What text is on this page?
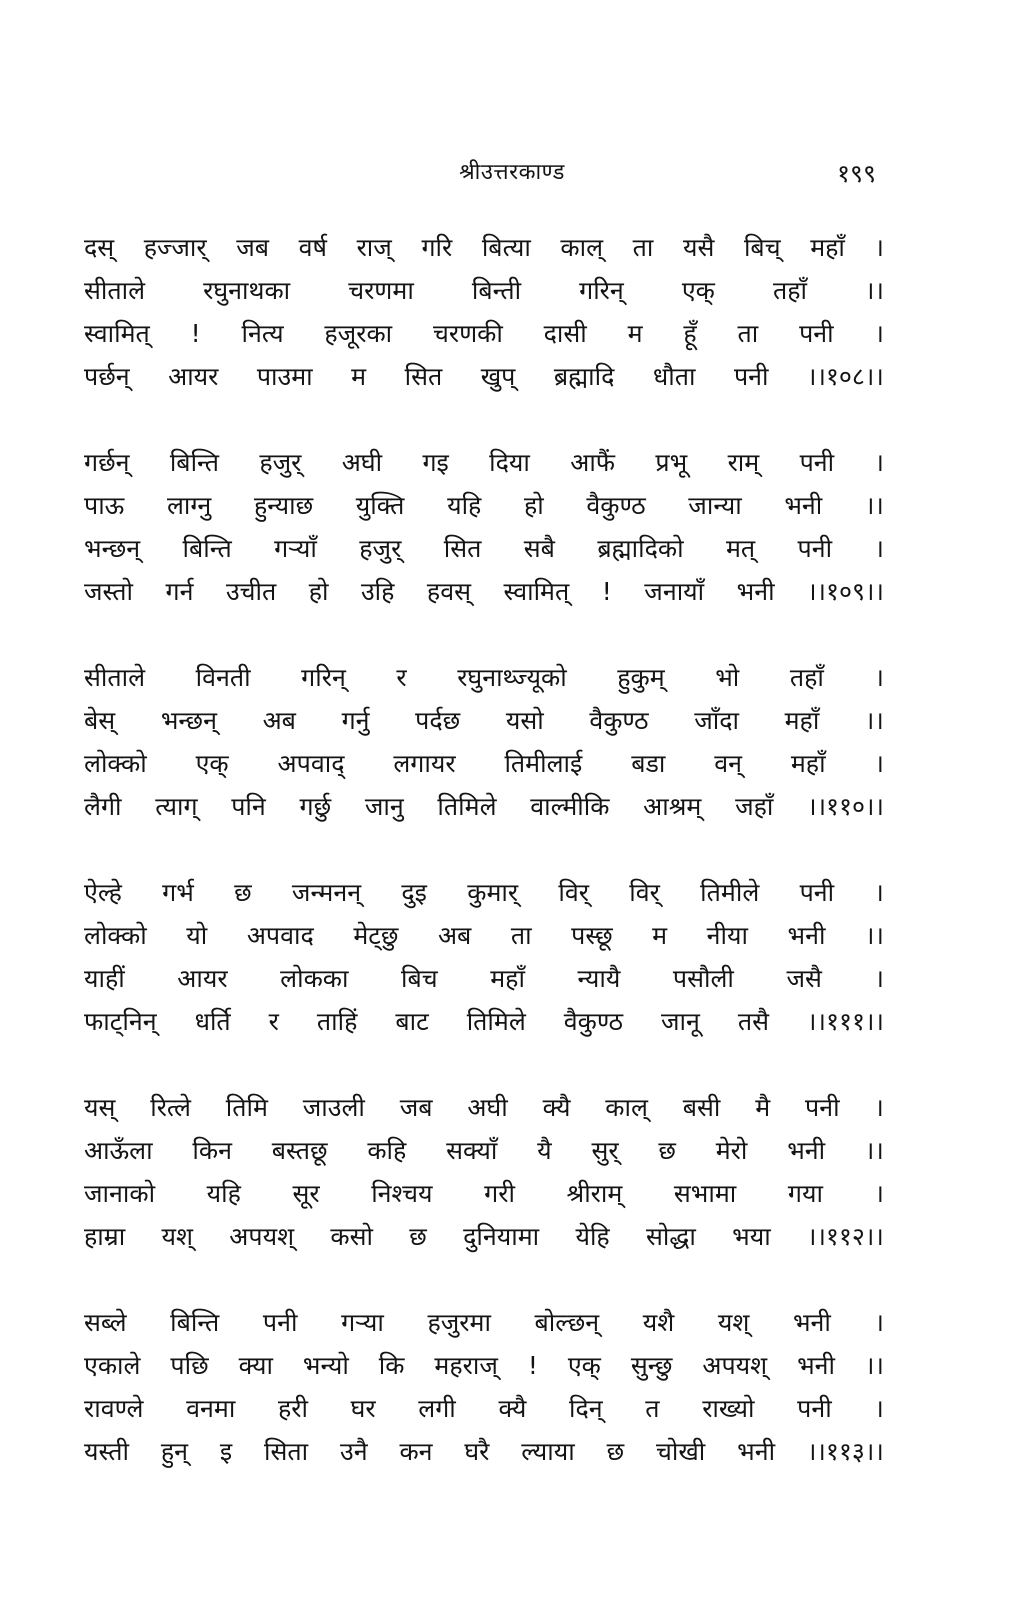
श्रीउत्तरकाण्ड	१९९
दस् हज्जार् जब वर्ष राज् गरि बित्या काल् ता यसै बिच् महाँ ।
सीताले रघुनाथका चरणमा बिन्ती गरिन् एक् तहाँ ।।
स्वामित् ! नित्य हजूरका चरणकी दासी म हूँ ता पनी ।
पर्छन् आयर पाउमा म सित खुप् ब्रह्मादि धौता पनी ।।१०८।।
गर्छन् बिन्ति हजुर् अघी गइ दिया आफैं प्रभू राम् पनी ।
पाऊ लाग्नु हुन्याछ युक्ति यहि हो वैकुण्ठ जान्या भनी ।।
भन्छन् बिन्ति गर्‍याँ हजुर् सित सबै ब्रह्मादिको मत् पनी ।
जस्तो गर्न उचीत हो उहि हवस् स्वामित् ! जनायाँ भनी ।।१०९।।
सीताले विनती गरिन् र रघुनाथ्ज्यूको हुकुम् भो तहाँ ।
बेस् भन्छन् अब गर्नु पर्दछ यसो वैकुण्ठ जाँदा महाँ ।।
लोक्को एक् अपवाद् लगायर तिमीलाई बडा वन् महाँ ।
लैगी त्याग् पनि गर्छु जानु तिमिले वाल्मीकि आश्रम् जहाँ ।।११०।।
ऐल्हे गर्भ छ जन्मनन् दुइ कुमार् विर् विर् तिमीले पनी ।
लोक्को यो अपवाद मेट्छु अब ता पस्छू म नीया भनी ।।
याहीं आयर लोकका बिच महाँ न्यायै पसौली जसै ।
फाट्निन् धर्ति र ताहिं बाट तिमिले वैकुण्ठ जानू तसै ।।१११।।
यस् रित्ले तिमि जाउली जब अघी क्यै काल् बसी मै पनी ।
आऊँला किन बस्तछू कहि सक्याँ यै सुर् छ मेरो भनी ।।
जानाको यहि सूर निश्चय गरी श्रीराम् सभामा गया ।
हाम्रा यश् अपयश् कसो छ दुनियामा येहि सोद्धा भया ।।११२।।
सब्ले बिन्ति पनी गर्‍या हजुरमा बोल्छन् यशै यश् भनी ।
एकाले पछि क्या भन्यो कि महराज् ! एक् सुन्छु अपयश् भनी ।।
रावण्ले वनमा हरी घर लगी क्यै दिन् त राख्यो पनी ।
यस्ती हुन् इ सिता उनै कन घरै ल्याया छ चोखी भनी ।।११३।।
